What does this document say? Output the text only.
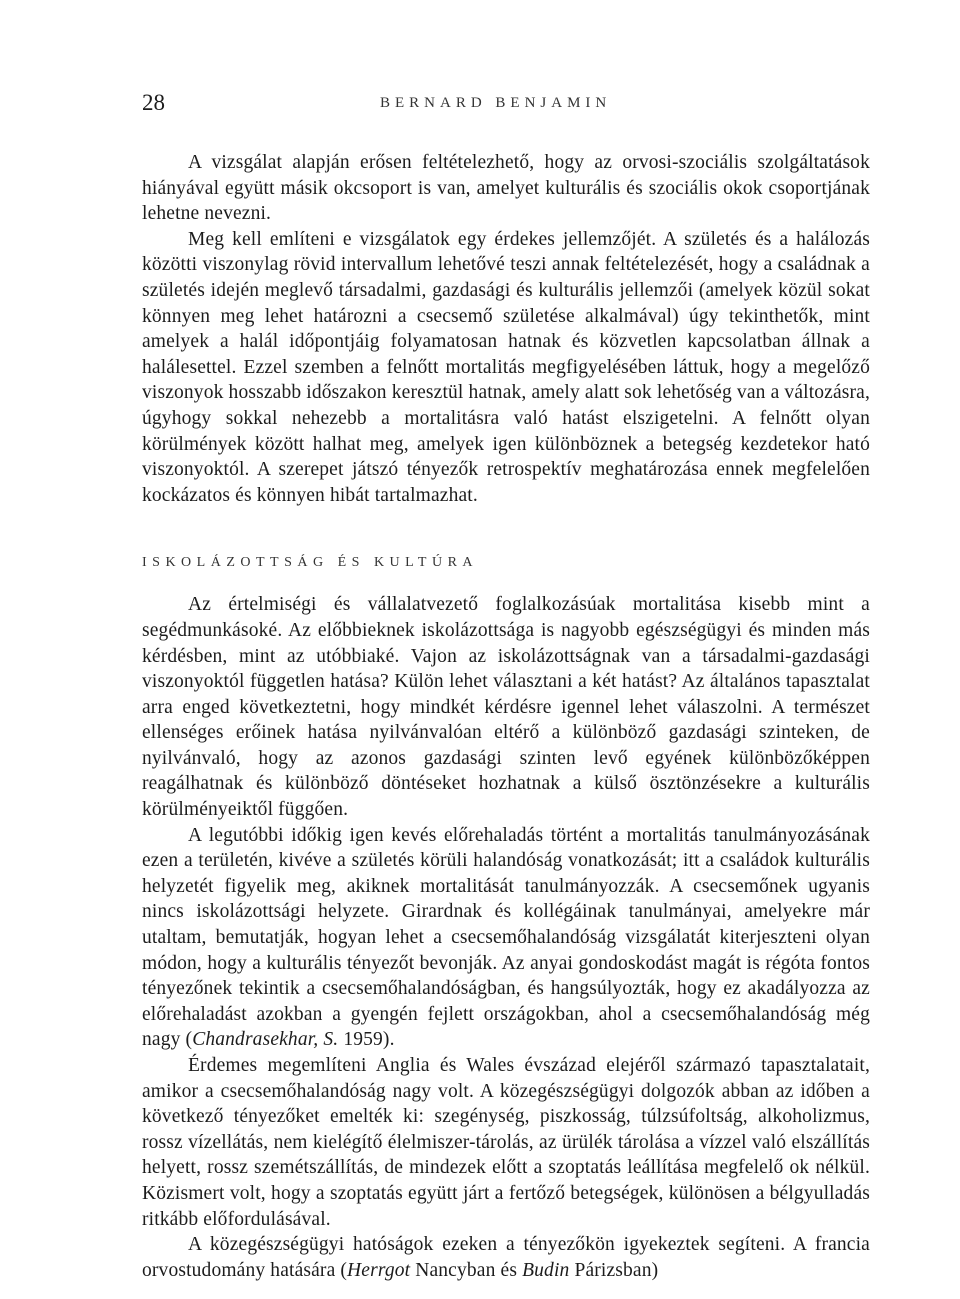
28	BERNARD BENJAMIN

A vizsgálat alapján erősen feltételezhető, hogy az orvosi-szociális szolgáltatások hiányával együtt másik okcsoport is van, amelyet kulturális és szociális okok csoportjának lehetne nevezni.

Meg kell említeni e vizsgálatok egy érdekes jellemzőjét. A születés és a halálozás közötti viszonylag rövid intervallum lehetővé teszi annak feltételezését, hogy a családnak a születés idején meglevő társadalmi, gazdasági és kulturális jellemzői (amelyek közül sokat könnyen meg lehet határozni a csecsemő születése alkalmával) úgy tekinthetők, mint amelyek a halál időpontjáig folyamatosan hatnak és közvetlen kapcsolatban állnak a halálesettel. Ezzel szemben a felnőtt mortalitás megfigyelésében láttuk, hogy a megelőző viszonyok hosszabb időszakon keresztül hatnak, amely alatt sok lehetőség van a változásra, úgyhogy sokkal nehezebb a mortalitásra való hatást elszigetelni. A felnőtt olyan körülmények között halhat meg, amelyek igen különböznek a betegség kezdetekor ható viszonyoktól. A szerepet játszó tényezők retrospektív meghatározása ennek megfelelően kockázatos és könnyen hibát tartalmazhat.

ISKOLÁZOTTSÁG ÉS KULTÚRA

Az értelmiségi és vállalatvezető foglalkozásúak mortalitása kisebb mint a segédmunkásoké. Az előbbieknek iskolázottsága is nagyobb egészségügyi és minden más kérdésben, mint az utóbbiaké. Vajon az iskolázottságnak van a társadalmi-gazdasági viszonyoktól független hatása? Külön lehet választani a két hatást? Az általános tapasztalat arra enged következtetni, hogy mindkét kérdésre igennel lehet válaszolni. A természet ellenséges erőinek hatása nyilvánvalóan eltérő a különböző gazdasági szinteken, de nyilvánvaló, hogy az azonos gazdasági szinten levő egyének különbözőképpen reagálhatnak és különböző döntéseket hozhatnak a külső ösztönzésekre a kulturális körülményeiktől függően.

A legutóbbi időkig igen kevés előrehaladás történt a mortalitás tanulmányozásának ezen a területén, kivéve a születés körüli halandóság vonatkozását; itt a családok kulturális helyzetét figyelik meg, akiknek mortalitását tanulmányozzák. A csecsemőnek ugyanis nincs iskolázottsági helyzete. Girardnak és kollégáinak tanulmányai, amelyekre már utaltam, bemutatják, hogyan lehet a csecsemőhalandóság vizsgálatát kiterjeszteni olyan módon, hogy a kulturális tényezőt bevonják. Az anyai gondoskodást magát is régóta fontos tényezőnek tekintik a csecsemőhalandóságban, és hangsúlyozták, hogy ez akadályozza az előrehaladást azokban a gyengén fejlett országokban, ahol a csecsemőhalandóság még nagy (Chandrasekhar, S. 1959).

Érdemes megemlíteni Anglia és Wales évszázad elejéről származó tapasztalatait, amikor a csecsemőhalandóság nagy volt. A közegészségügyi dolgozók abban az időben a következő tényezőket emelték ki: szegénység, piszkosság, túlzsúfoltság, alkoholizmus, rossz vízellátás, nem kielégítő élelmiszer-tárolás, az ürülék tárolása a vízzel való elszállítás helyett, rossz szemétszállítás, de mindezek előtt a szoptatás leállítása megfelelő ok nélkül. Közismert volt, hogy a szoptatás együtt járt a fertőző betegségek, különösen a bélgyulladás ritkább előfordulásával.

A közegészségügyi hatóságok ezeken a tényezőkön igyekeztek segíteni. A francia orvostudomány hatására (Herrgot Nancyban és Budin Párizsban)
